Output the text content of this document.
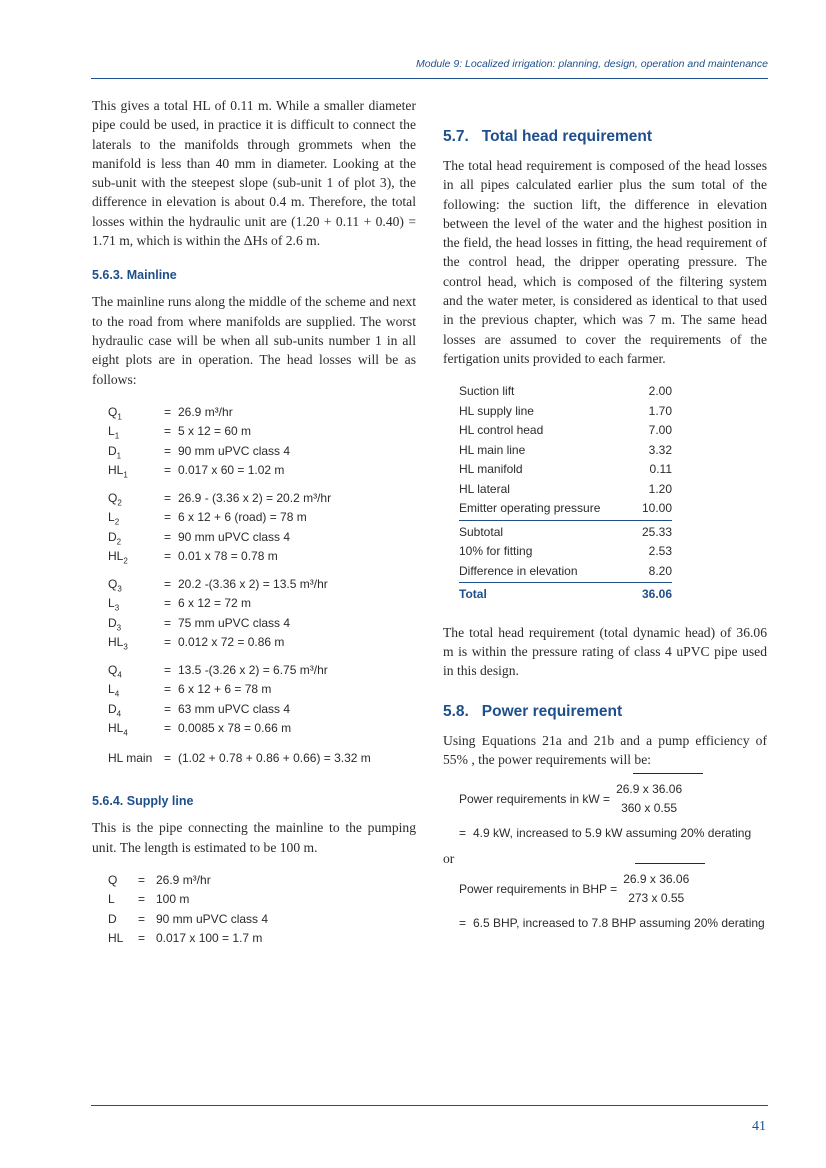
Module 9: Localized irrigation: planning, design, operation and maintenance

This gives a total HL of 0.11 m. While a smaller diameter pipe could be used, in practice it is difficult to connect the laterals to the manifolds through grommets when the manifold is less than 40 mm in diameter. Looking at the sub-unit with the steepest slope (sub-unit 1 of plot 3), the difference in elevation is about 0.4 m. Therefore, the total losses within the hydraulic unit are (1.20 + 0.11 + 0.40) = 1.71 m, which is within the ΔHs of 2.6 m.

5.6.3. Mainline

The mainline runs along the middle of the scheme and next to the road from where manifolds are supplied. The worst hydraulic case will be when all sub-units number 1 in all eight plots are in operation. The head losses will be as follows:

$Q_1$	= 26.9 m³/hr
$L_1$	= 5 x 12 = 60 m
$D_1$	= 90 mm uPVC class 4
$HL_1$	= 0.017 x 60 = 1.02 m
$Q_2$	= 26.9 - (3.36 x 2) = 20.2 m³/hr
$L_2$	= 6 x 12 + 6 (road) = 78 m
$D_2$	= 90 mm uPVC class 4
$HL_2$	= 0.01 x 78 = 0.78 m
$Q_3$	= 20.2 -(3.36 x 2) = 13.5 m³/hr
$L_3$	= 6 x 12 = 72 m
$D_3$	= 75 mm uPVC class 4
$HL_3$	= 0.012 x 72 = 0.86 m
$Q_4$	= 13.5 -(3.26 x 2) = 6.75 m³/hr
$L_4$	= 6 x 12 + 6 = 78 m
$D_4$	= 63 mm uPVC class 4
$HL_4$	= 0.0085 x 78 = 0.66 m
HL main = (1.02 + 0.78 + 0.86 + 0.66) = 3.32 m
5.6.4. Supply line

This is the pipe connecting the mainline to the pumping unit. The length is estimated to be 100 m.

Q	= 26.9 m³/hr
L	= 100 m
D	= 90 mm uPVC class 4
HL	= 0.017 x 100 = 1.7 m
5.7.   Total head requirement

The total head requirement is composed of the head losses in all pipes calculated earlier plus the sum total of the following: the suction lift, the difference in elevation between the level of the water and the highest position in the field, the head losses in fitting, the head requirement of the control head, the dripper operating pressure. The control head, which is composed of the filtering system and the water meter, is considered as identical to that used in the previous chapter, which was 7 m. The same head losses are assumed to cover the requirements of the fertigation units provided to each farmer.

Suction lift	2.00
HL supply line	1.70
HL control head	7.00
HL main line	3.32
HL manifold	0.11
HL lateral	1.20
Emitter operating pressure	10.00
Subtotal	25.33
10% for fitting	2.53
Difference in elevation	8.20
Total	36.06

The total head requirement (total dynamic head) of 36.06 m is within the pressure rating of class 4 uPVC pipe used in this design.

5.8.   Power requirement

Using Equations 21a and 21b and a pump efficiency of 55% , the power requirements will be:

Power requirements in kW =
26.9 x 36.06
360 x 0.55
= 4.9 kW, increased to 5.9 kW assuming 20% derating

or

Power requirements in BHP =
26.9 x 36.06
273 x 0.55
= 6.5 BHP, increased to 7.8 BHP assuming 20% derating
41
